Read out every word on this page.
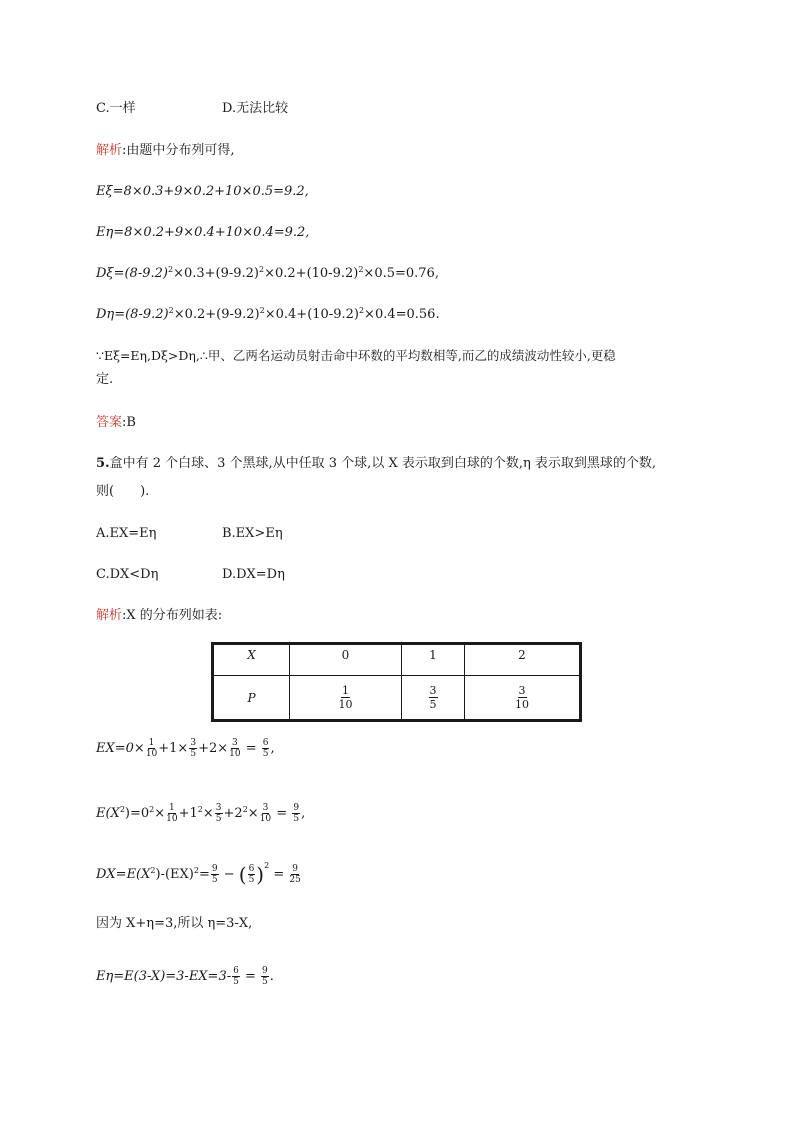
C.一样	D.无法比较
解析:由题中分布列可得,
Eξ=8×0.3+9×0.2+10×0.5=9.2,
Eη=8×0.2+9×0.4+10×0.4=9.2,
$D\xi=(8-9.2)^2\times 0.3+(9-9.2)^2\times 0.2+(10-9.2)^2\times 0.5=0.76$,
$D\eta=(8-9.2)^2\times 0.2+(9-9.2)^2\times 0.4+(10-9.2)^2\times 0.4=0.56$.
∵Eξ=Eη,Dξ>Dη,∴甲、乙两名运动员射击命中环数的平均数相等,而乙的成绩波动性较小,更稳
定.
答案:B
5.盒中有 2 个白球、3 个黑球,从中任取 3 个球,以 X 表示取到白球的个数,η 表示取到黑球的个数,
则(　　).
A.EX=Eη	B.EX>Eη
C.DX<Dη	D.DX=Dη
解析:X 的分布列如表:
X	0	1	2
P	$\frac{1}{10}$	$\frac{3}{5}$	$\frac{3}{10}$
$EX=0\times \frac{1}{10} +1\times \frac{3}{5} +2\times \frac{3}{10} = \frac{6}{5}$ ,
$E(X^2)=0^2\times \frac{1}{10} +1^2\times \frac{3}{5} +2^2\times \frac{3}{10} = \frac{9}{5}$ ,
$DX=E(X^2)-(EX)^2= \frac{9}{5}$ − ( $\frac{6}{5} )^2 = \frac{9}{25}$
因为 X+η=3,所以 η=3-X,
$E\eta=E(3-X)=3-EX=3- \frac{6}{5} = \frac{9}{5}$ .
